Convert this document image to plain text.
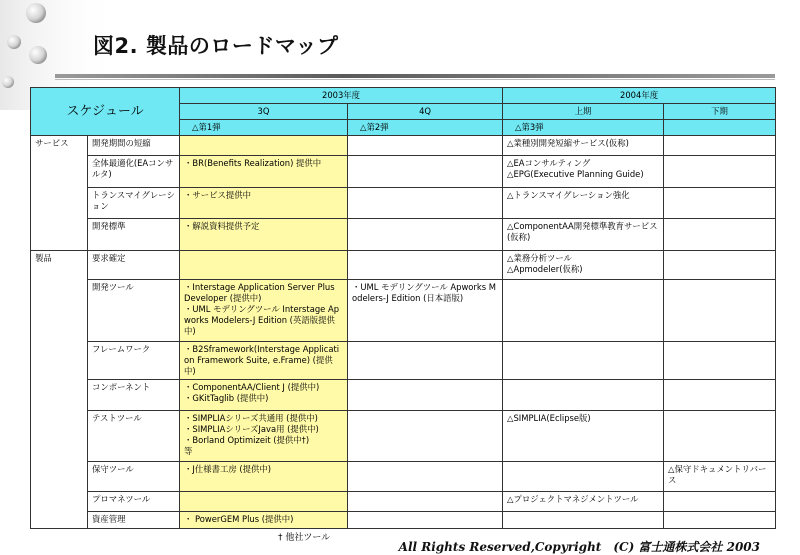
図2. 製品のロードマップ
スケジュール		2003年度		2004年度	
		3Q	4Q	上期	下期
		△第1弾	△第2弾	△第3弾	
サービス	開発期間の短縮			△業種別開発短縮サービス(仮称)	
	全体最適化(EAコンサルタ)	・BR(Benefits Realization) 提供中		△EAコンサルティング
△EPG(Executive Planning Guide)	
	トランスマイグレーション	・サービス提供中		△トランスマイグレーション強化	
	開発標準	・解説資料提供予定		△ComponentAA開発標準教育サービス(仮称)	
製品	要求確定			△業務分析ツール
△Apmodeler(仮称)	
	開発ツール	・Interstage Application Server Plus Developer (提供中)
・UML モデリングツール Interstage Apworks Modelers-J Edition (英語版提供中)	・UML モデリングツール Apworks Modelers-J Edition (日本語版)		
	フレームワーク	・B2Sframework(Interstage Application Framework Suite, e.Frame) (提供中)			
	コンポーネント	・ComponentAA/Client J (提供中)
・GKitTaglib (提供中)			
	テストツール	・SIMPLIAシリーズ共通用 (提供中)
・SIMPLIAシリーズJava用 (提供中)
・Borland Optimizeit (提供中†)
等		△SIMPLIA(Eclipse版)	
	保守ツール	・J仕様書工房 (提供中)			△保守ドキュメントリバース
	プロマネツール			△プロジェクトマネジメントツール	
	資産管理	・ PowerGEM Plus (提供中)			
† 他社ツール
All Rights Reserved,Copyright　(C) 富士通株式会社 2003
